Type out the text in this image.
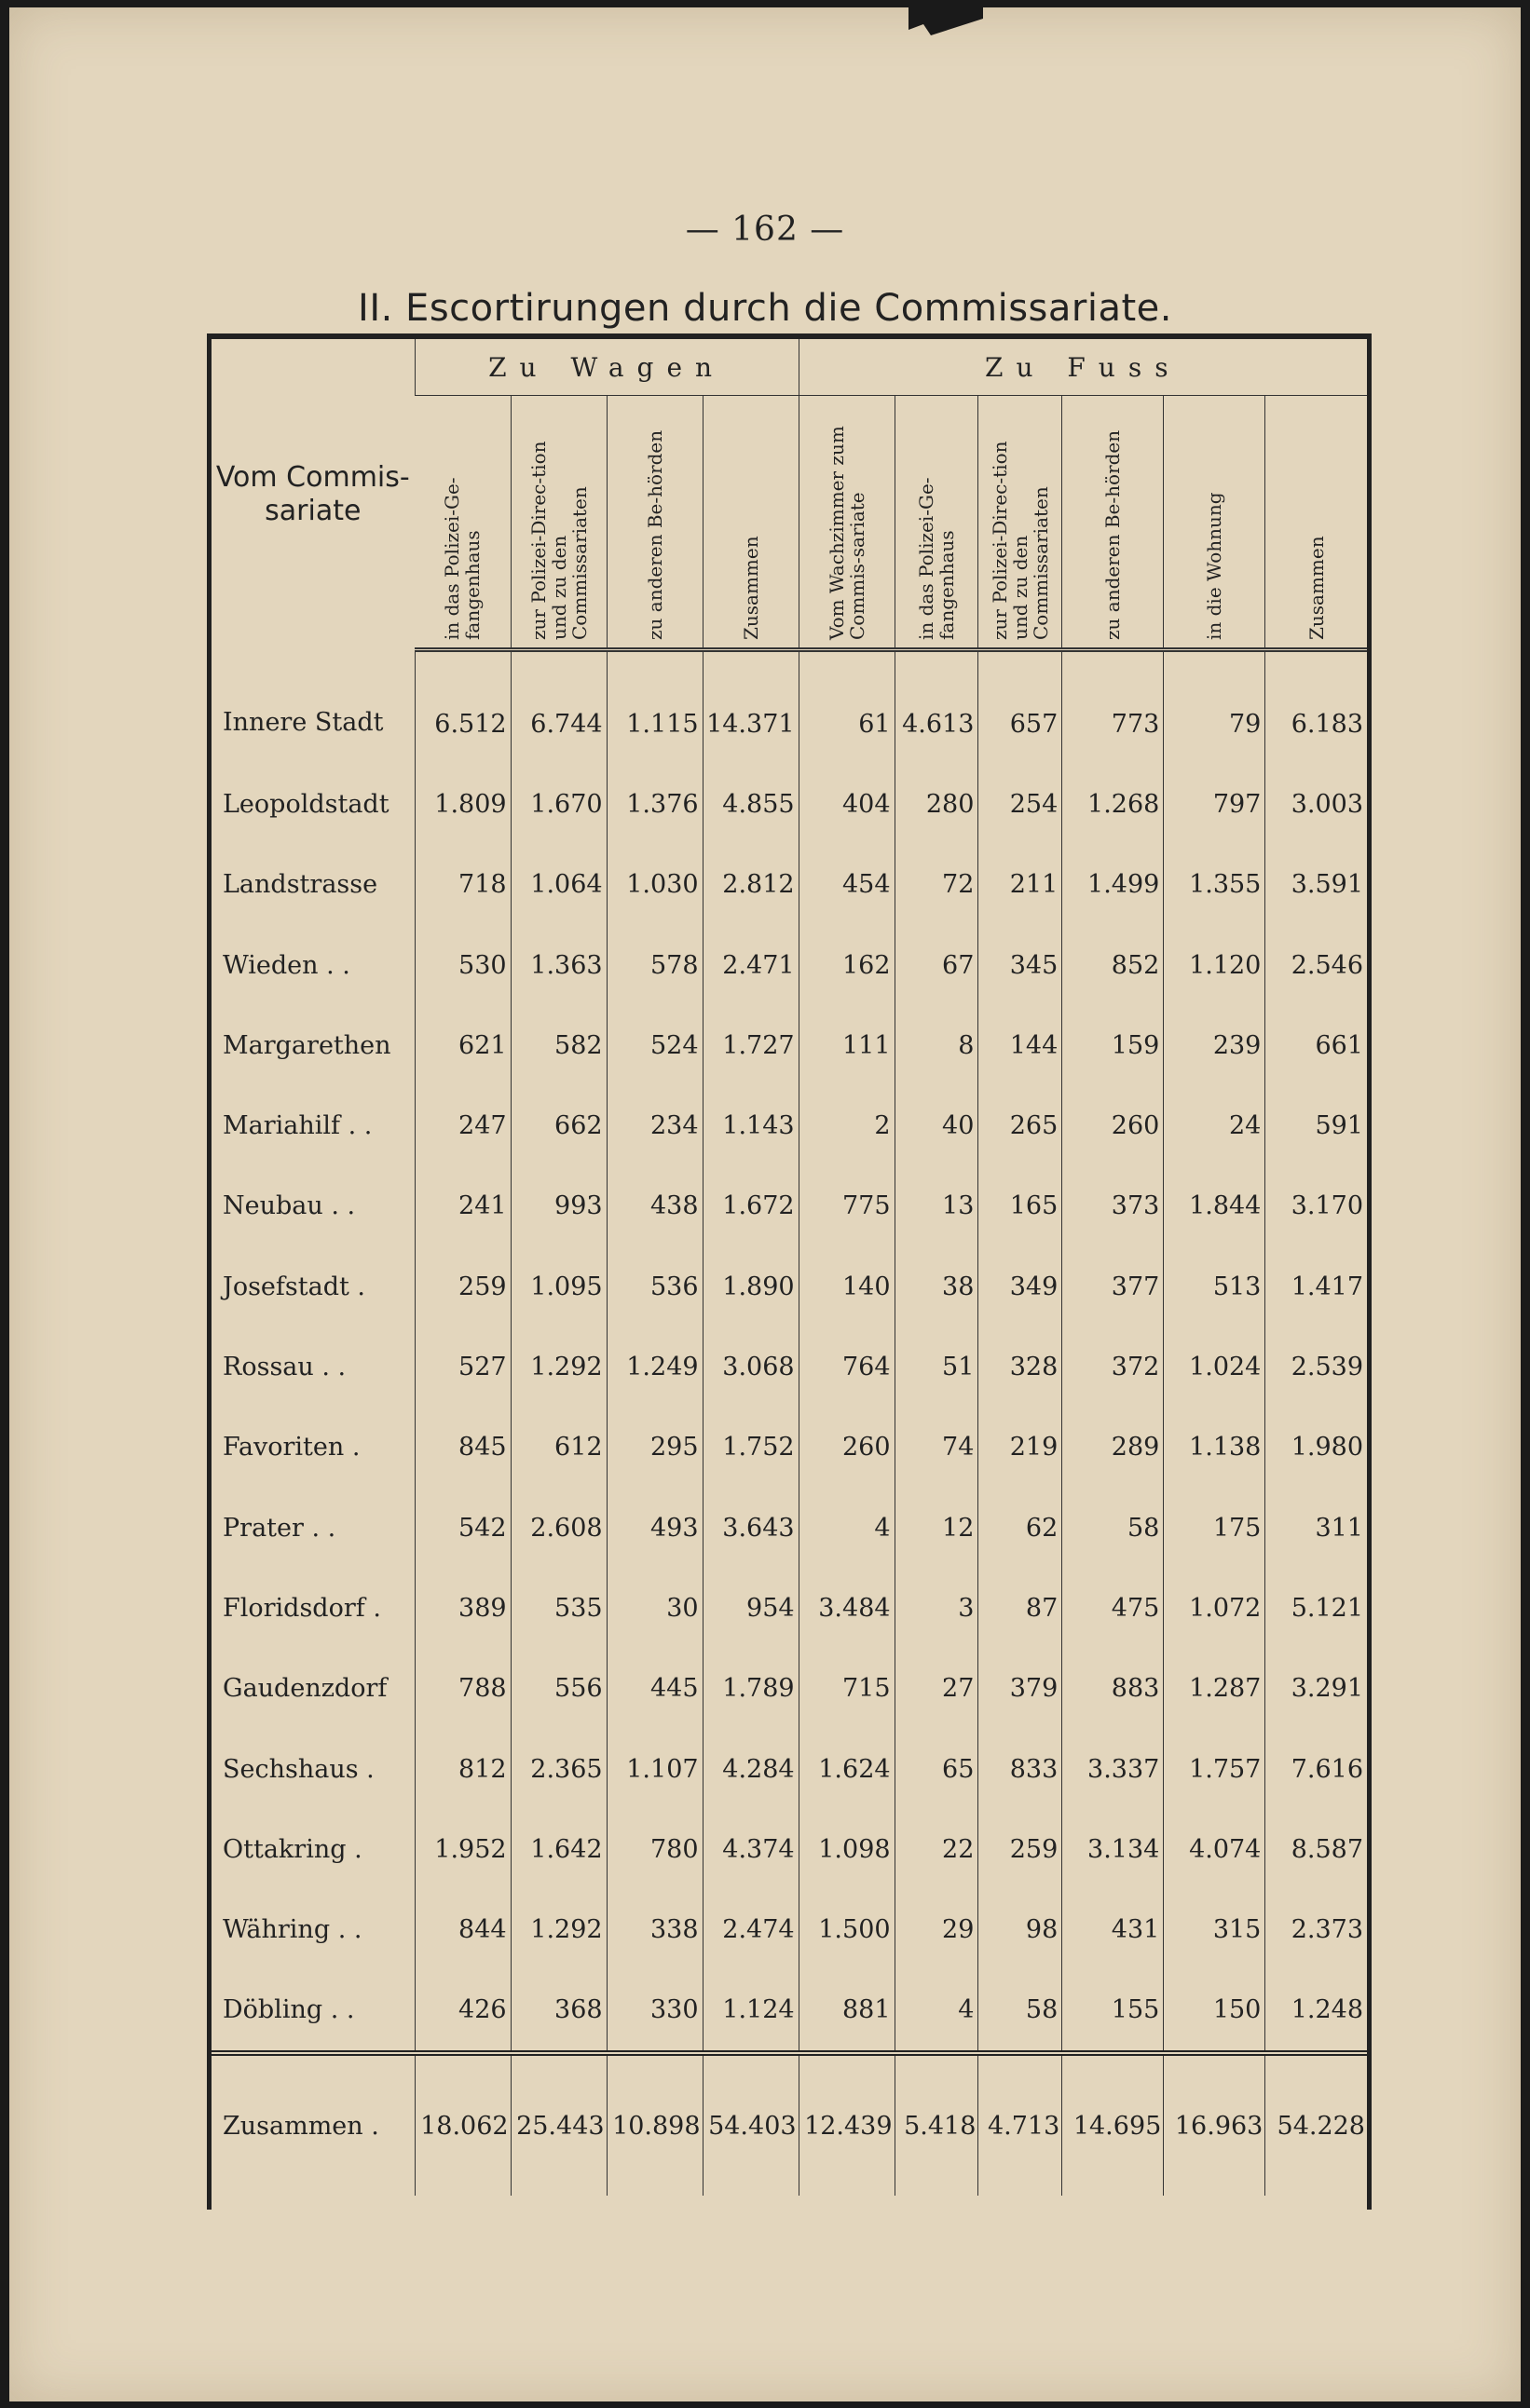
— 162 —
II. Escortirungen durch die Commissariate.
Vom Commis-sariate	Zu Wagen				Zu Fuss					

	in das Polizei-Ge-fangenhaus	zur Polizei-Direc-tion und zu den Commissariaten	zu anderen Be-hörden	Zusammen	Vom Wachzimmer zum Commis-sariate	in das Polizei-Ge-fangenhaus	zur Polizei-Direc-tion und zu den Commissariaten	zu anderen Be-hörden	in die Wohnung	Zusammen

Innere Stadt	6.512	6.744	1.115	14.371	61	4.613	657	773	79	6.183
Leopoldstadt	1.809	1.670	1.376	4.855	404	280	254	1.268	797	3.003
Landstrasse	718	1.064	1.030	2.812	454	72	211	1.499	1.355	3.591
Wieden . .	530	1.363	578	2.471	162	67	345	852	1.120	2.546
Margarethen	621	582	524	1.727	111	8	144	159	239	661
Mariahilf . .	247	662	234	1.143	2	40	265	260	24	591
Neubau . .	241	993	438	1.672	775	13	165	373	1.844	3.170
Josefstadt .	259	1.095	536	1.890	140	38	349	377	513	1.417
Rossau . .	527	1.292	1.249	3.068	764	51	328	372	1.024	2.539
Favoriten .	845	612	295	1.752	260	74	219	289	1.138	1.980
Prater . .	542	2.608	493	3.643	4	12	62	58	175	311
Floridsdorf .	389	535	30	954	3.484	3	87	475	1.072	5.121
Gaudenzdorf	788	556	445	1.789	715	27	379	883	1.287	3.291
Sechshaus .	812	2.365	1.107	4.284	1.624	65	833	3.337	1.757	7.616
Ottakring .	1.952	1.642	780	4.374	1.098	22	259	3.134	4.074	8.587
Währing . .	844	1.292	338	2.474	1.500	29	98	431	315	2.373
Döbling . .	426	368	330	1.124	881	4	58	155	150	1.248
Zusammen .	18.062	25.443	10.898	54.403	12.439	5.418	4.713	14.695	16.963	54.228
